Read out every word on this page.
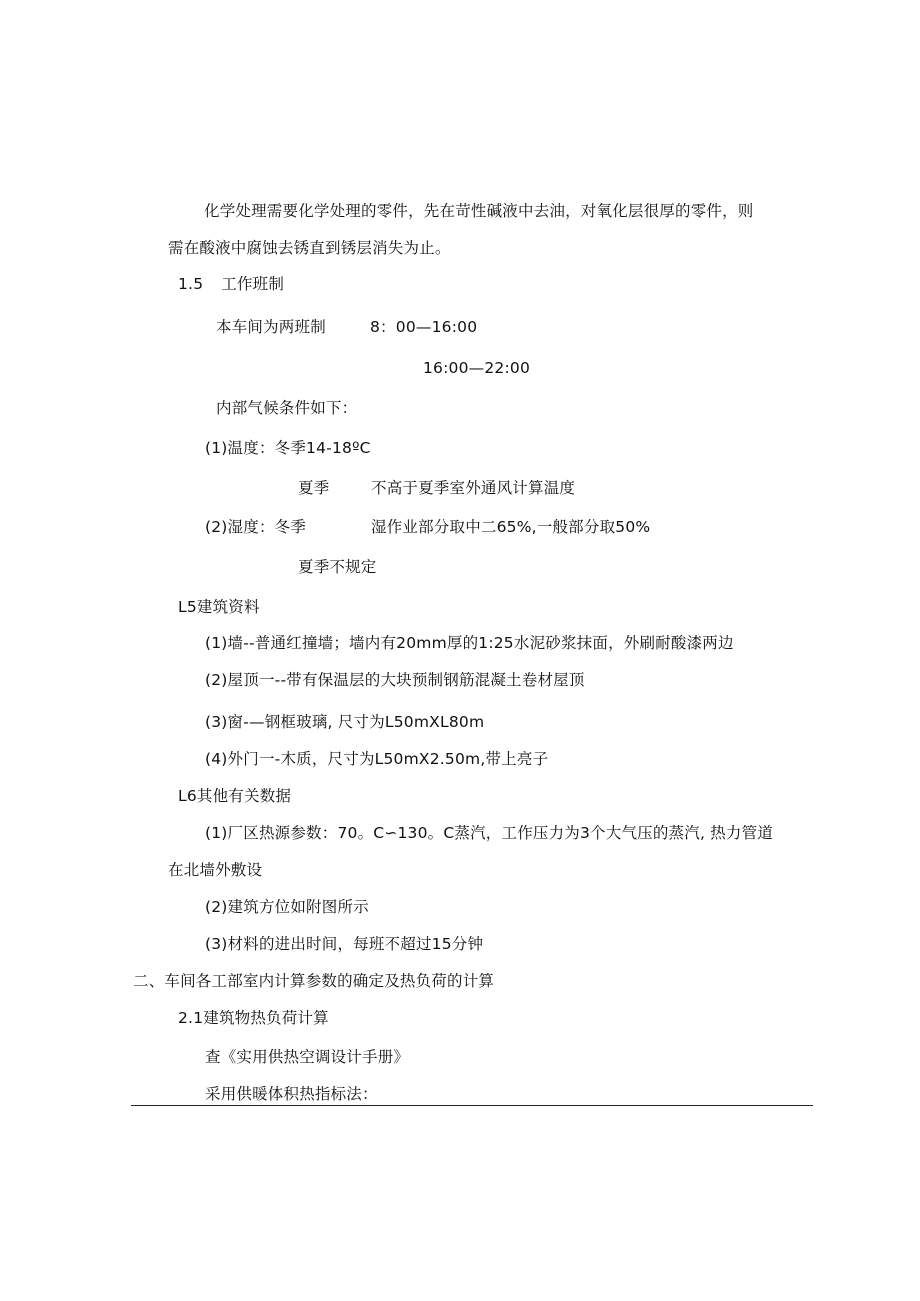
化学处理需要化学处理的零件，先在苛性碱液中去油，对氧化层很厚的零件，则
需在酸液中腐蚀去锈直到锈层消失为止。
1.5 工作班制
本车间为两班制	8：00—16:00
16:00—22:00
内部气候条件如下：
(1)温度：冬季14-18ºC
夏季	不高于夏季室外通风计算温度
(2)湿度：冬季	湿作业部分取中二65%,一般部分取50%
夏季不规定
L5建筑资料
(1)墙--普通红撞墙；墙内有20mm厚的1:25水泥砂浆抹面，外刷耐酸漆两边
(2)屋顶一--带有保温层的大块预制钢筋混凝土卷材屋顶
(3)窗-—钢框玻璃, 尺寸为L50mXL80m
(4)外门一-木质，尺寸为L50mX2.50m,带上亮子
L6其他有关数据
(1)厂区热源参数：70。C∽130。C蒸汽，工作压力为3个大气压的蒸汽, 热力管道
在北墙外敷设
(2)建筑方位如附图所示
(3)材料的进出时间，每班不超过15分钟
二、车间各工部室内计算参数的确定及热负荷的计算
2.1建筑物热负荷计算
查《实用供热空调设计手册》
采用供暖体积热指标法：
